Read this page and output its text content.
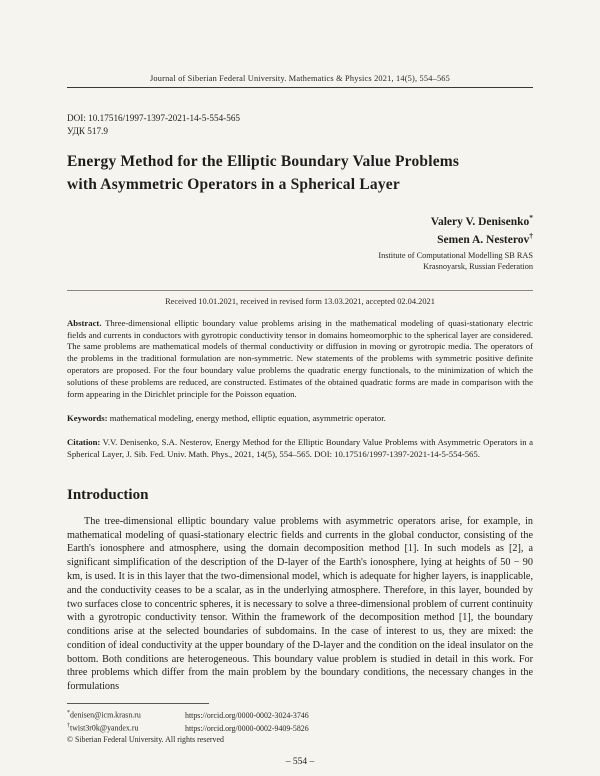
Journal of Siberian Federal University. Mathematics & Physics 2021, 14(5), 554–565
DOI: 10.17516/1997-1397-2021-14-5-554-565
УДК 517.9
Energy Method for the Elliptic Boundary Value Problems
with Asymmetric Operators in a Spherical Layer
Valery V. Denisenko*
Semen A. Nesterov†
Institute of Computational Modelling SB RAS
Krasnoyarsk, Russian Federation
Received 10.01.2021, received in revised form 13.03.2021, accepted 02.04.2021

Abstract. Three-dimensional elliptic boundary value problems arising in the mathematical modeling of quasi-stationary electric fields and currents in conductors with gyrotropic conductivity tensor in domains homeomorphic to the spherical layer are considered. The same problems are mathematical models of thermal conductivity or diffusion in moving or gyrotropic media. The operators of the problems in the traditional formulation are non-symmetric. New statements of the problems with symmetric positive definite operators are proposed. For the four boundary value problems the quadratic energy functionals, to the minimization of which the solutions of these problems are reduced, are constructed. Estimates of the obtained quadratic forms are made in comparison with the form appearing in the Dirichlet principle for the Poisson equation.

Keywords: mathematical modeling, energy method, elliptic equation, asymmetric operator.

Citation: V.V. Denisenko, S.A. Nesterov, Energy Method for the Elliptic Boundary Value Problems with Asymmetric Operators in a Spherical Layer, J. Sib. Fed. Univ. Math. Phys., 2021, 14(5), 554–565. DOI: 10.17516/1997-1397-2021-14-5-554-565.

Introduction

The tree-dimensional elliptic boundary value problems with asymmetric operators arise, for example, in mathematical modeling of quasi-stationary electric fields and currents in the global conductor, consisting of the Earth's ionosphere and atmosphere, using the domain decomposition method [1]. In such models as [2], a significant simplification of the description of the D-layer of the Earth's ionosphere, lying at heights of 50 − 90 km, is used. It is in this layer that the two-dimensional model, which is adequate for higher layers, is inapplicable, and the conductivity ceases to be a scalar, as in the underlying atmosphere. Therefore, in this layer, bounded by two surfaces close to concentric spheres, it is necessary to solve a three-dimensional problem of current continuity with a gyrotropic conductivity tensor. Within the framework of the decomposition method [1], the boundary conditions arise at the selected boundaries of subdomains. In the case of interest to us, they are mixed: the condition of ideal conductivity at the upper boundary of the D-layer and the condition on the ideal insulator on the bottom. Both conditions are heterogeneous. This boundary value problem is studied in detail in this work. For three problems which differ from the main problem by the boundary conditions, the necessary changes in the formulations

*denisen@icm.krasn.ru	https://orcid.org/0000-0002-3024-3746
†twist3r0k@yandex.ru	https://orcid.org/0000-0002-9409-5826
© Siberian Federal University. All rights reserved
– 554 –
